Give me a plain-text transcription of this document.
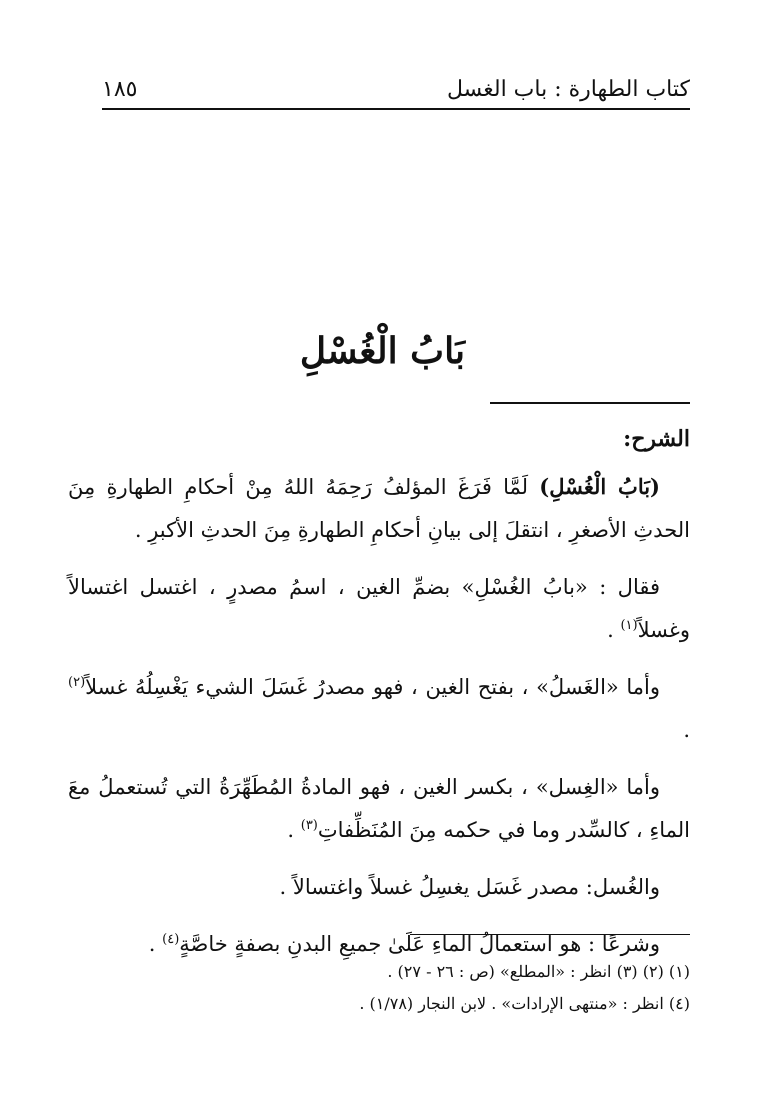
كتاب الطهارة : باب الغسل
١٨٥
بَابُ الْغُسْلِ
الشرح:

(بَابُ الْغُسْلِ) لَمَّا فَرَغَ المؤلفُ رَحِمَهُ اللهُ مِنْ أحكامِ الطهارةِ مِنَ الحدثِ الأصغرِ ، انتقلَ إلى بيانِ أحكامِ الطهارةِ مِنَ الحدثِ الأكبرِ .

فقال : «بابُ الغُسْلِ» بضمِّ الغين ، اسمُ مصدرٍ ، اغتسل اغتسالاً وغسلاً$^{(١)}$ .

وأما «الغَسلُ» ، بفتح الغين ، فهو مصدرُ غَسَلَ الشيء يَغْسِلُهُ غسلاً$^{(٢)}$ .

وأما «الغِسل» ، بكسر الغين ، فهو المادةُ المُطَهِّرَةُ التي تُستعملُ معَ الماءِ ، كالسِّدر وما في حكمه مِنَ المُنَظِّفاتِ$^{(٣)}$ .

والغُسل: مصدر غَسَل يغسِلُ غسلاً واغتسالاً .

وشرعًا : هو استعمالُ الماءِ عَلَىٰ جميعِ البدنِ بصفةٍ خاصَّةٍ$^{(٤)}$ .

(١) (٢) (٣) انظر : «المطلع» (ص : ٢٦ - ٢٧) .
(٤) انظر : «منتهى الإرادات» . لابن النجار (١/٧٨) .
